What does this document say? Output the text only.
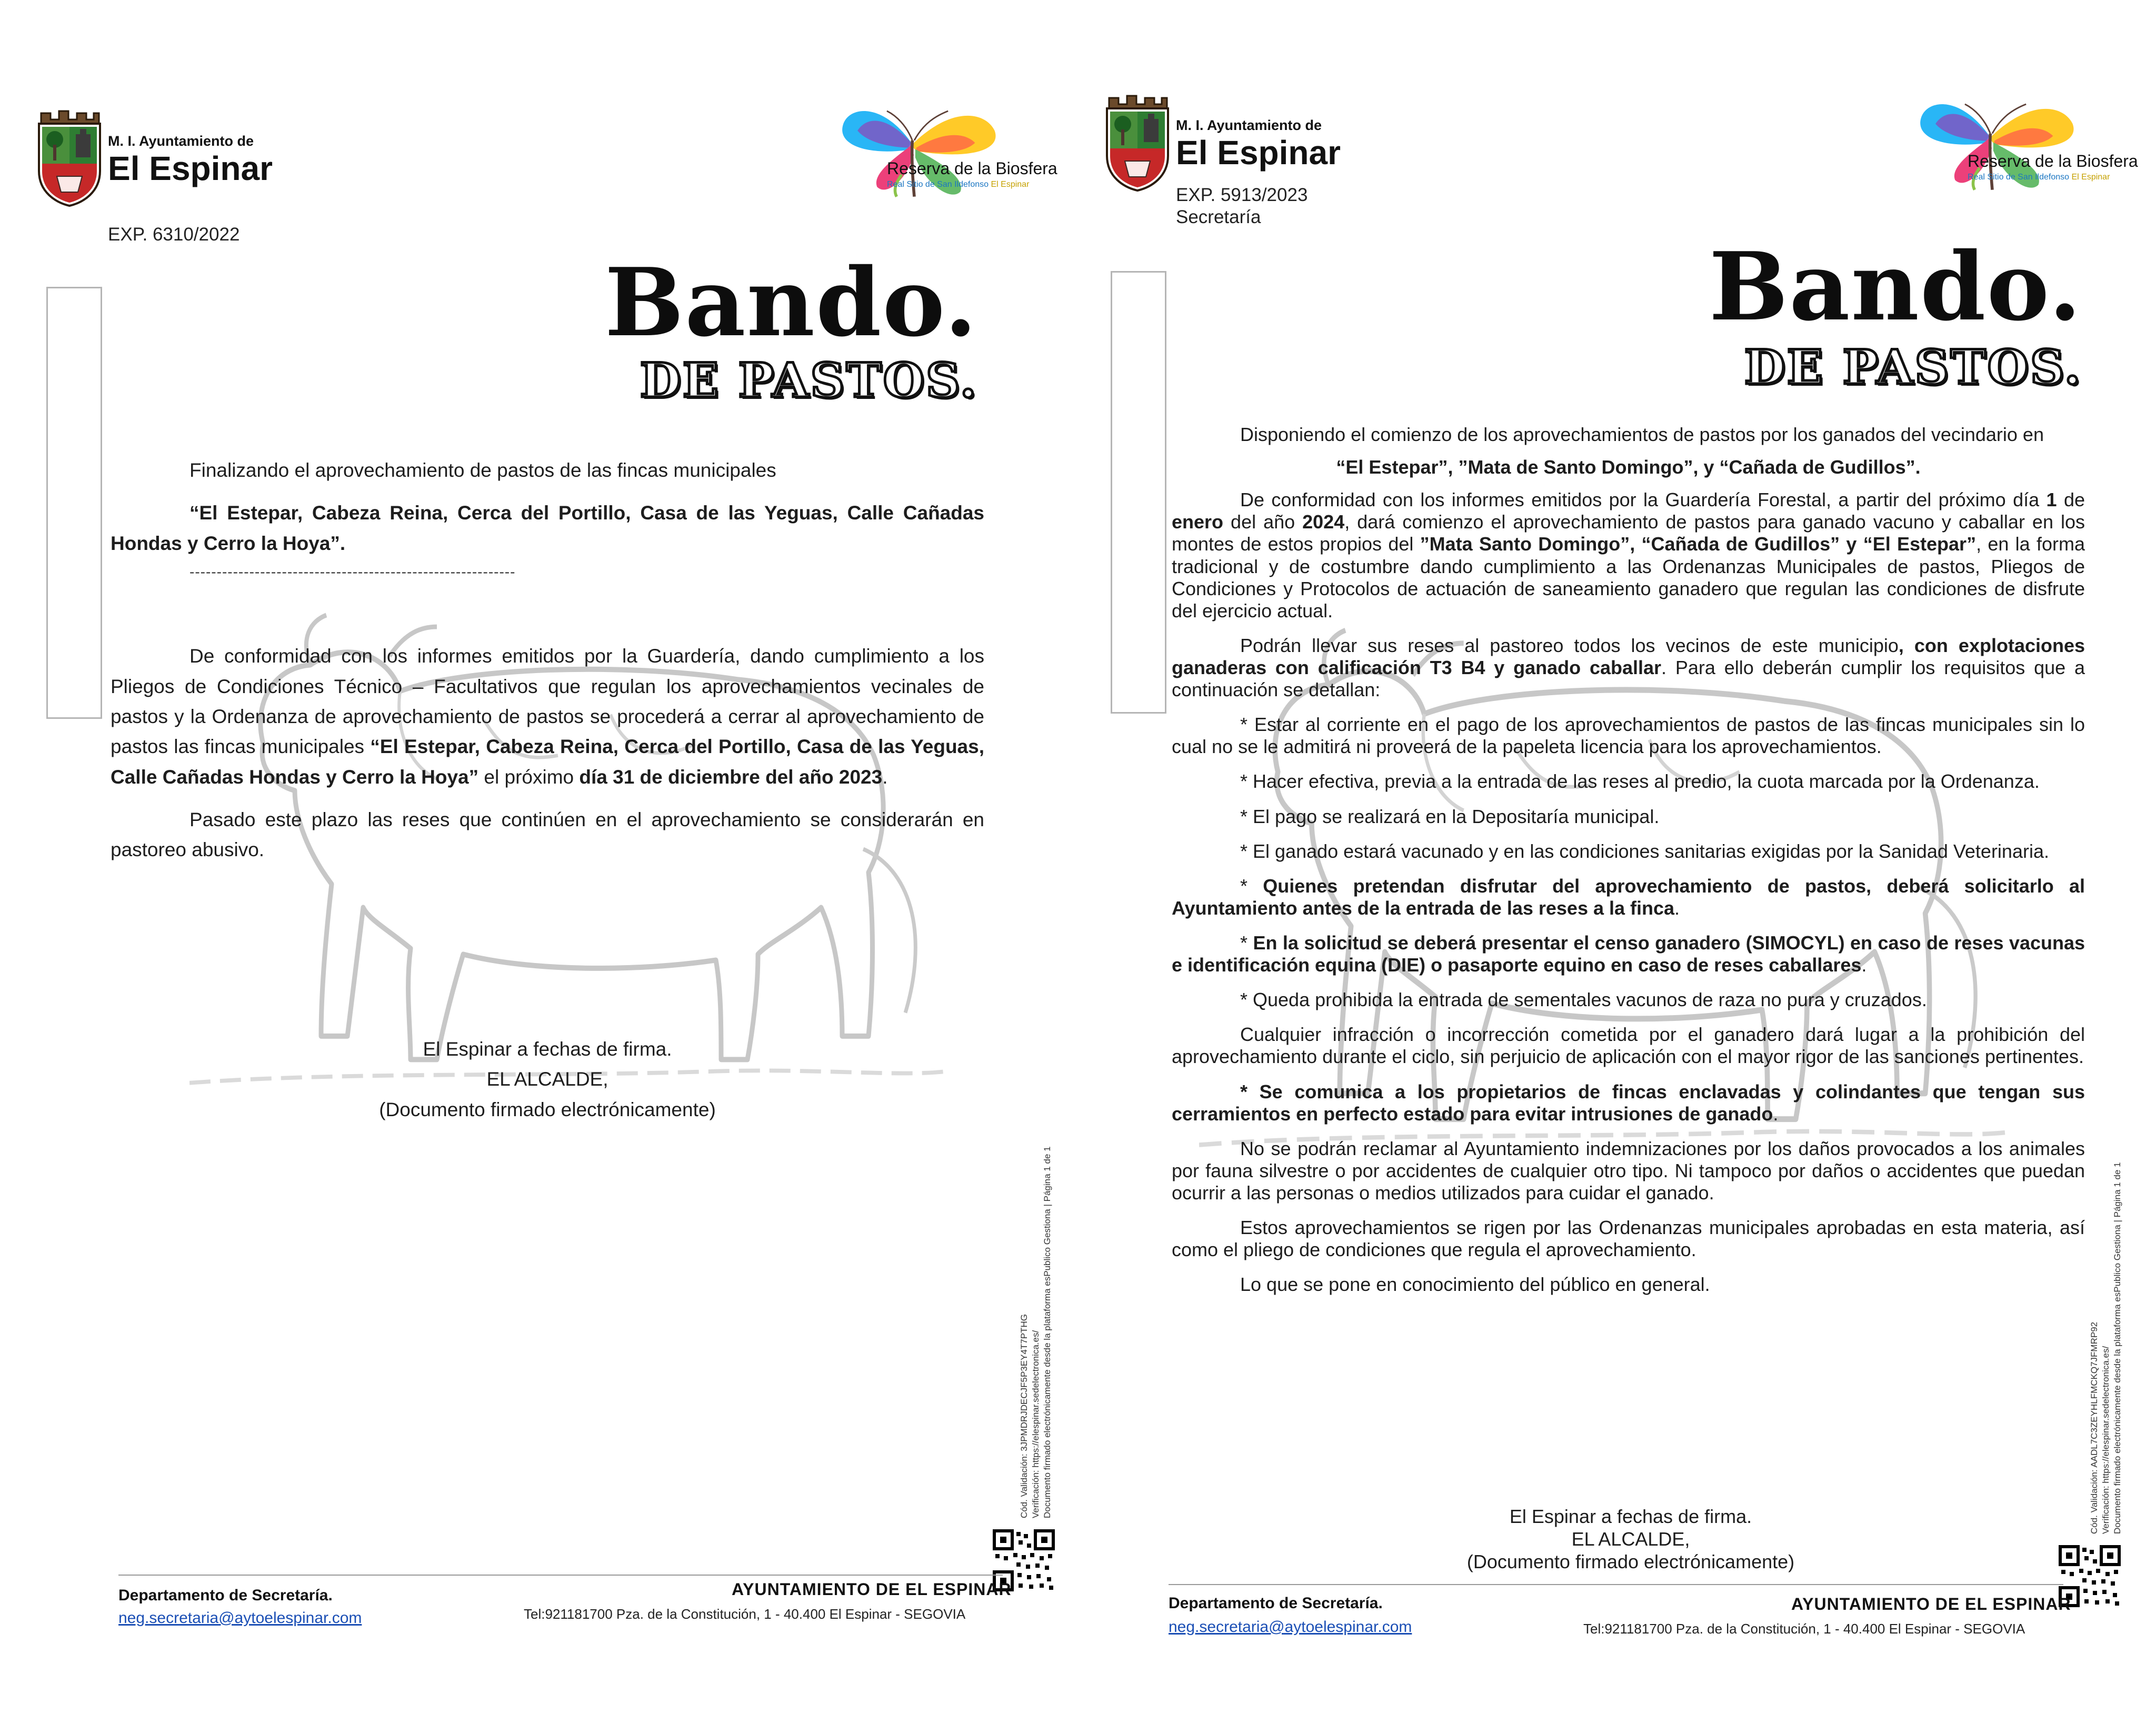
M. I. Ayuntamiento de
El Espinar	Reserva de la Biosfera
Real Sitio de San Ildefonso El Espinar
EXP. 6310/2022
Bando.
DE PASTOS.

Finalizando el aprovechamiento de pastos de las fincas municipales

“El Estepar, Cabeza Reina, Cerca del Portillo, Casa de las Yeguas, Calle Cañadas Hondas y Cerro la Hoya”.

------------------------------------------------------------

De conformidad con los informes emitidos por la Guardería, dando cumplimiento a los Pliegos de Condiciones Técnico – Facultativos que regulan los aprovechamientos vecinales de pastos y la Ordenanza de aprovechamiento de pastos se procederá a cerrar al aprovechamiento de pastos las fincas municipales “El Estepar, Cabeza Reina, Cerca del Portillo, Casa de las Yeguas, Calle Cañadas Hondas y Cerro la Hoya” el próximo día 31 de diciembre del año 2023.

Pasado este plazo las reses que continúen en el aprovechamiento se considerarán en pastoreo abusivo.

El Espinar a fechas de firma.
EL ALCALDE,
(Documento firmado electrónicamente)
Cód. Validación: 3JPMDRJDECJF5P3EY4T7PTHG Verificación: https://elespinar.sedelectronica.es/ Documento firmado electrónicamente desde la plataforma esPublico Gestiona | Página 1 de 1
Departamento de Secretaría.
neg.secretaria@aytoelespinar.com
AYUNTAMIENTO DE EL ESPINAR
Tel:921181700 Pza. de la Constitución, 1 - 40.400 El Espinar - SEGOVIA
M. I. Ayuntamiento de
El Espinar	Reserva de la Biosfera
Real Sitio de San Ildefonso El Espinar
EXP. 5913/2023
Secretaría
Bando.
DE PASTOS.

Disponiendo el comienzo de los aprovechamientos de pastos por los ganados del vecindario en

“El Estepar”, ”Mata de Santo Domingo”, y “Cañada de Gudillos”.

De conformidad con los informes emitidos por la Guardería Forestal, a partir del próximo día 1 de enero del año 2024, dará comienzo el aprovechamiento de pastos para ganado vacuno y caballar en los montes de estos propios del ”Mata Santo Domingo”, “Cañada de Gudillos” y “El Estepar”, en la forma tradicional y de costumbre dando cumplimiento a las Ordenanzas Municipales de pastos, Pliegos de Condiciones y Protocolos de actuación de saneamiento ganadero que regulan las condiciones de disfrute del ejercicio actual.

Podrán llevar sus reses al pastoreo todos los vecinos de este municipio, con explotaciones ganaderas con calificación T3 B4 y ganado caballar. Para ello deberán cumplir los requisitos que a continuación se detallan:

* Estar al corriente en el pago de los aprovechamientos de pastos de las fincas municipales sin lo cual no se le admitirá ni proveerá de la papeleta licencia para los aprovechamientos.

* Hacer efectiva, previa a la entrada de las reses al predio, la cuota marcada por la Ordenanza.

* El pago se realizará en la Depositaría municipal.

* El ganado estará vacunado y en las condiciones sanitarias exigidas por la Sanidad Veterinaria.

* Quienes pretendan disfrutar del aprovechamiento de pastos, deberá solicitarlo al Ayuntamiento antes de la entrada de las reses a la finca.

* En la solicitud se deberá presentar el censo ganadero (SIMOCYL) en caso de reses vacunas e identificación equina (DIE) o pasaporte equino en caso de reses caballares.

* Queda prohibida la entrada de sementales vacunos de raza no pura y cruzados.

Cualquier infracción o incorrección cometida por el ganadero dará lugar a la prohibición del aprovechamiento durante el ciclo, sin perjuicio de aplicación con el mayor rigor de las sanciones pertinentes.

* Se comunica a los propietarios de fincas enclavadas y colindantes que tengan sus cerramientos en perfecto estado para evitar intrusiones de ganado.

No se podrán reclamar al Ayuntamiento indemnizaciones por los daños provocados a los animales por fauna silvestre o por accidentes de cualquier otro tipo. Ni tampoco por daños o accidentes que puedan ocurrir a las personas o medios utilizados para cuidar el ganado.

Estos aprovechamientos se rigen por las Ordenanzas municipales aprobadas en esta materia, así como el pliego de condiciones que regula el aprovechamiento.

Lo que se pone en conocimiento del público en general.

El Espinar a fechas de firma.
EL ALCALDE,
(Documento firmado electrónicamente)
Cód. Validación: AADL7C3ZEYHLFMCKQ7JFMRP92 Verificación: https://elespinar.sedelectronica.es/ Documento firmado electrónicamente desde la plataforma esPublico Gestiona | Página 1 de 1
Departamento de Secretaría.
neg.secretaria@aytoelespinar.com
AYUNTAMIENTO DE EL ESPINAR
Tel:921181700 Pza. de la Constitución, 1 - 40.400 El Espinar - SEGOVIA
